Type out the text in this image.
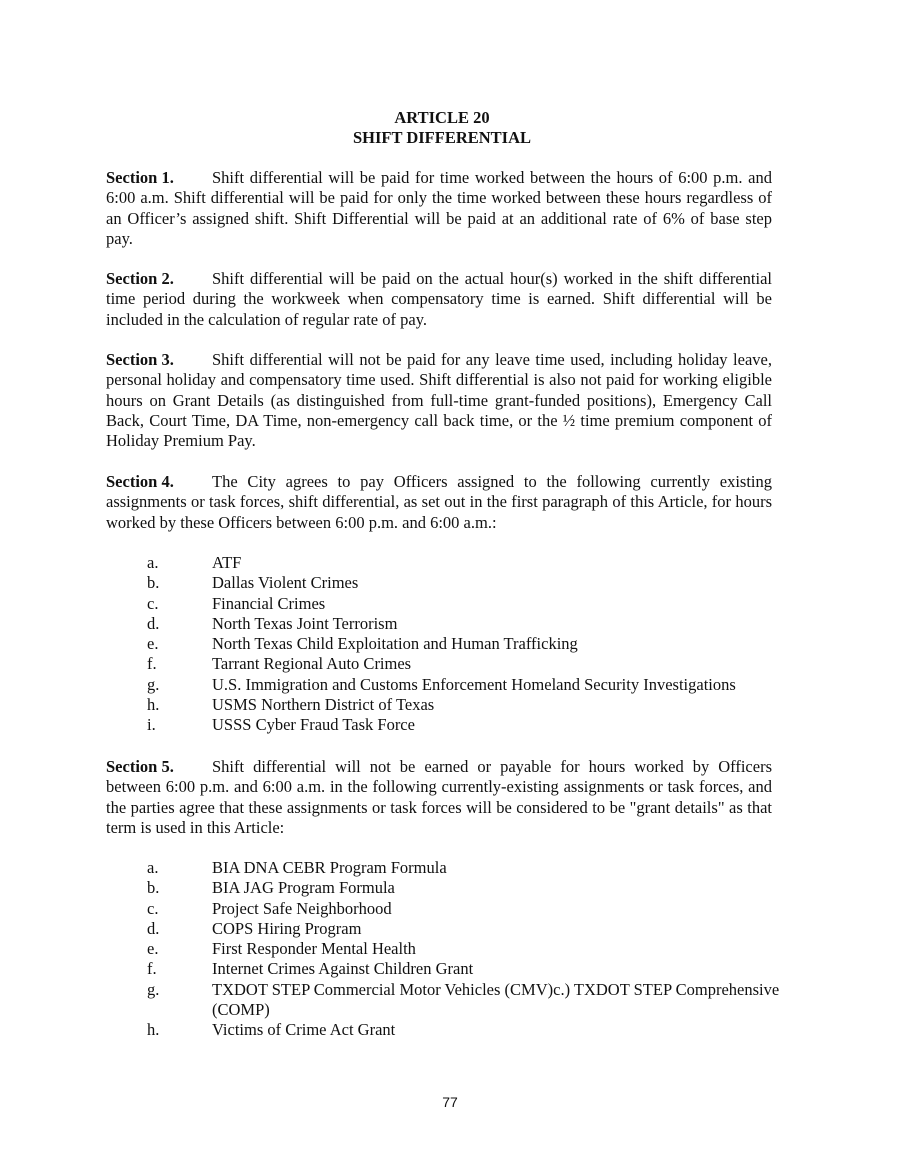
ARTICLE 20
SHIFT DIFFERENTIAL
Section 1. Shift differential will be paid for time worked between the hours of 6:00 p.m. and 6:00 a.m. Shift differential will be paid for only the time worked between these hours regardless of an Officer’s assigned shift. Shift Differential will be paid at an additional rate of 6% of base step pay.
Section 2. Shift differential will be paid on the actual hour(s) worked in the shift differential time period during the workweek when compensatory time is earned. Shift differential will be included in the calculation of regular rate of pay.
Section 3. Shift differential will not be paid for any leave time used, including holiday leave, personal holiday and compensatory time used. Shift differential is also not paid for working eligible hours on Grant Details (as distinguished from full-time grant-funded positions), Emergency Call Back, Court Time, DA Time, non-emergency call back time, or the ½ time premium component of Holiday Premium Pay.
Section 4. The City agrees to pay Officers assigned to the following currently existing assignments or task forces, shift differential, as set out in the first paragraph of this Article, for hours worked by these Officers between 6:00 p.m. and 6:00 a.m.:
a.	ATF
b.	Dallas Violent Crimes
c.	Financial Crimes
d.	North Texas Joint Terrorism
e.	North Texas Child Exploitation and Human Trafficking
f.	Tarrant Regional Auto Crimes
g.	U.S. Immigration and Customs Enforcement Homeland Security Investigations
h.	USMS Northern District of Texas
i.	USSS Cyber Fraud Task Force
Section 5. Shift differential will not be earned or payable for hours worked by Officers between 6:00 p.m. and 6:00 a.m. in the following currently-existing assignments or task forces, and the parties agree that these assignments or task forces will be considered to be "grant details" as that term is used in this Article:
a.	BIA DNA CEBR Program Formula
b.	BIA JAG Program Formula
c.	Project Safe Neighborhood
d.	COPS Hiring Program
e.	First Responder Mental Health
f.	Internet Crimes Against Children Grant
g.	TXDOT STEP Commercial Motor Vehicles (CMV)c.) TXDOT STEP Comprehensive (COMP)
h.	Victims of Crime Act Grant
77
